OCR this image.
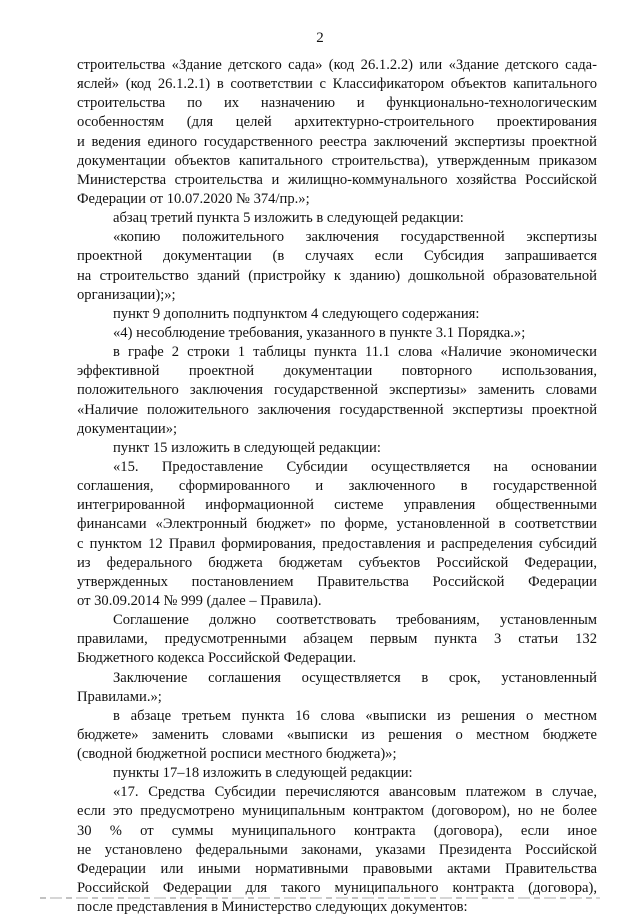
2
строительства «Здание детского сада» (код 26.1.2.2) или «Здание детского сада-
яслей» (код 26.1.2.1) в соответствии с Классификатором объектов капитального
строительства по их назначению и функционально-технологическим
особенностям (для целей архитектурно-строительного проектирования
и ведения единого государственного реестра заключений экспертизы проектной
документации объектов капитального строительства), утвержденным приказом
Министерства строительства и жилищно-коммунального хозяйства Российской
Федерации от 10.07.2020 № 374/пр.»;
абзац третий пункта 5 изложить в следующей редакции:
«копию положительного заключения государственной экспертизы
проектной документации (в случаях если Субсидия запрашивается
на строительство зданий (пристройку к зданию) дошкольной образовательной
организации);»;
пункт 9 дополнить подпунктом 4 следующего содержания:
«4) несоблюдение требования, указанного в пункте 3.1 Порядка.»;
в графе 2 строки 1 таблицы пункта 11.1 слова «Наличие экономически
эффективной проектной документации повторного использования,
положительного заключения государственной экспертизы» заменить словами
«Наличие положительного заключения государственной экспертизы проектной
документации»;
пункт 15 изложить в следующей редакции:
«15. Предоставление Субсидии осуществляется на основании
соглашения, сформированного и заключенного в государственной
интегрированной информационной системе управления общественными
финансами «Электронный бюджет» по форме, установленной в соответствии
с пунктом 12 Правил формирования, предоставления и распределения субсидий
из федерального бюджета бюджетам субъектов Российской Федерации,
утвержденных постановлением Правительства Российской Федерации
от 30.09.2014 № 999 (далее – Правила).
Соглашение должно соответствовать требованиям, установленным
правилами, предусмотренными абзацем первым пункта 3 статьи 132
Бюджетного кодекса Российской Федерации.
Заключение соглашения осуществляется в срок, установленный
Правилами.»;
в абзаце третьем пункта 16 слова «выписки из решения о местном
бюджете» заменить словами «выписки из решения о местном бюджете
(сводной бюджетной росписи местного бюджета)»;
пункты 17–18 изложить в следующей редакции:
«17. Средства Субсидии перечисляются авансовым платежом в случае,
если это предусмотрено муниципальным контрактом (договором), но не более
30 % от суммы муниципального контракта (договора), если иное
не установлено федеральными законами, указами Президента Российской
Федерации или иными нормативными правовыми актами Правительства
Российской Федерации для такого муниципального контракта (договора),
после представления в Министерство следующих документов:
